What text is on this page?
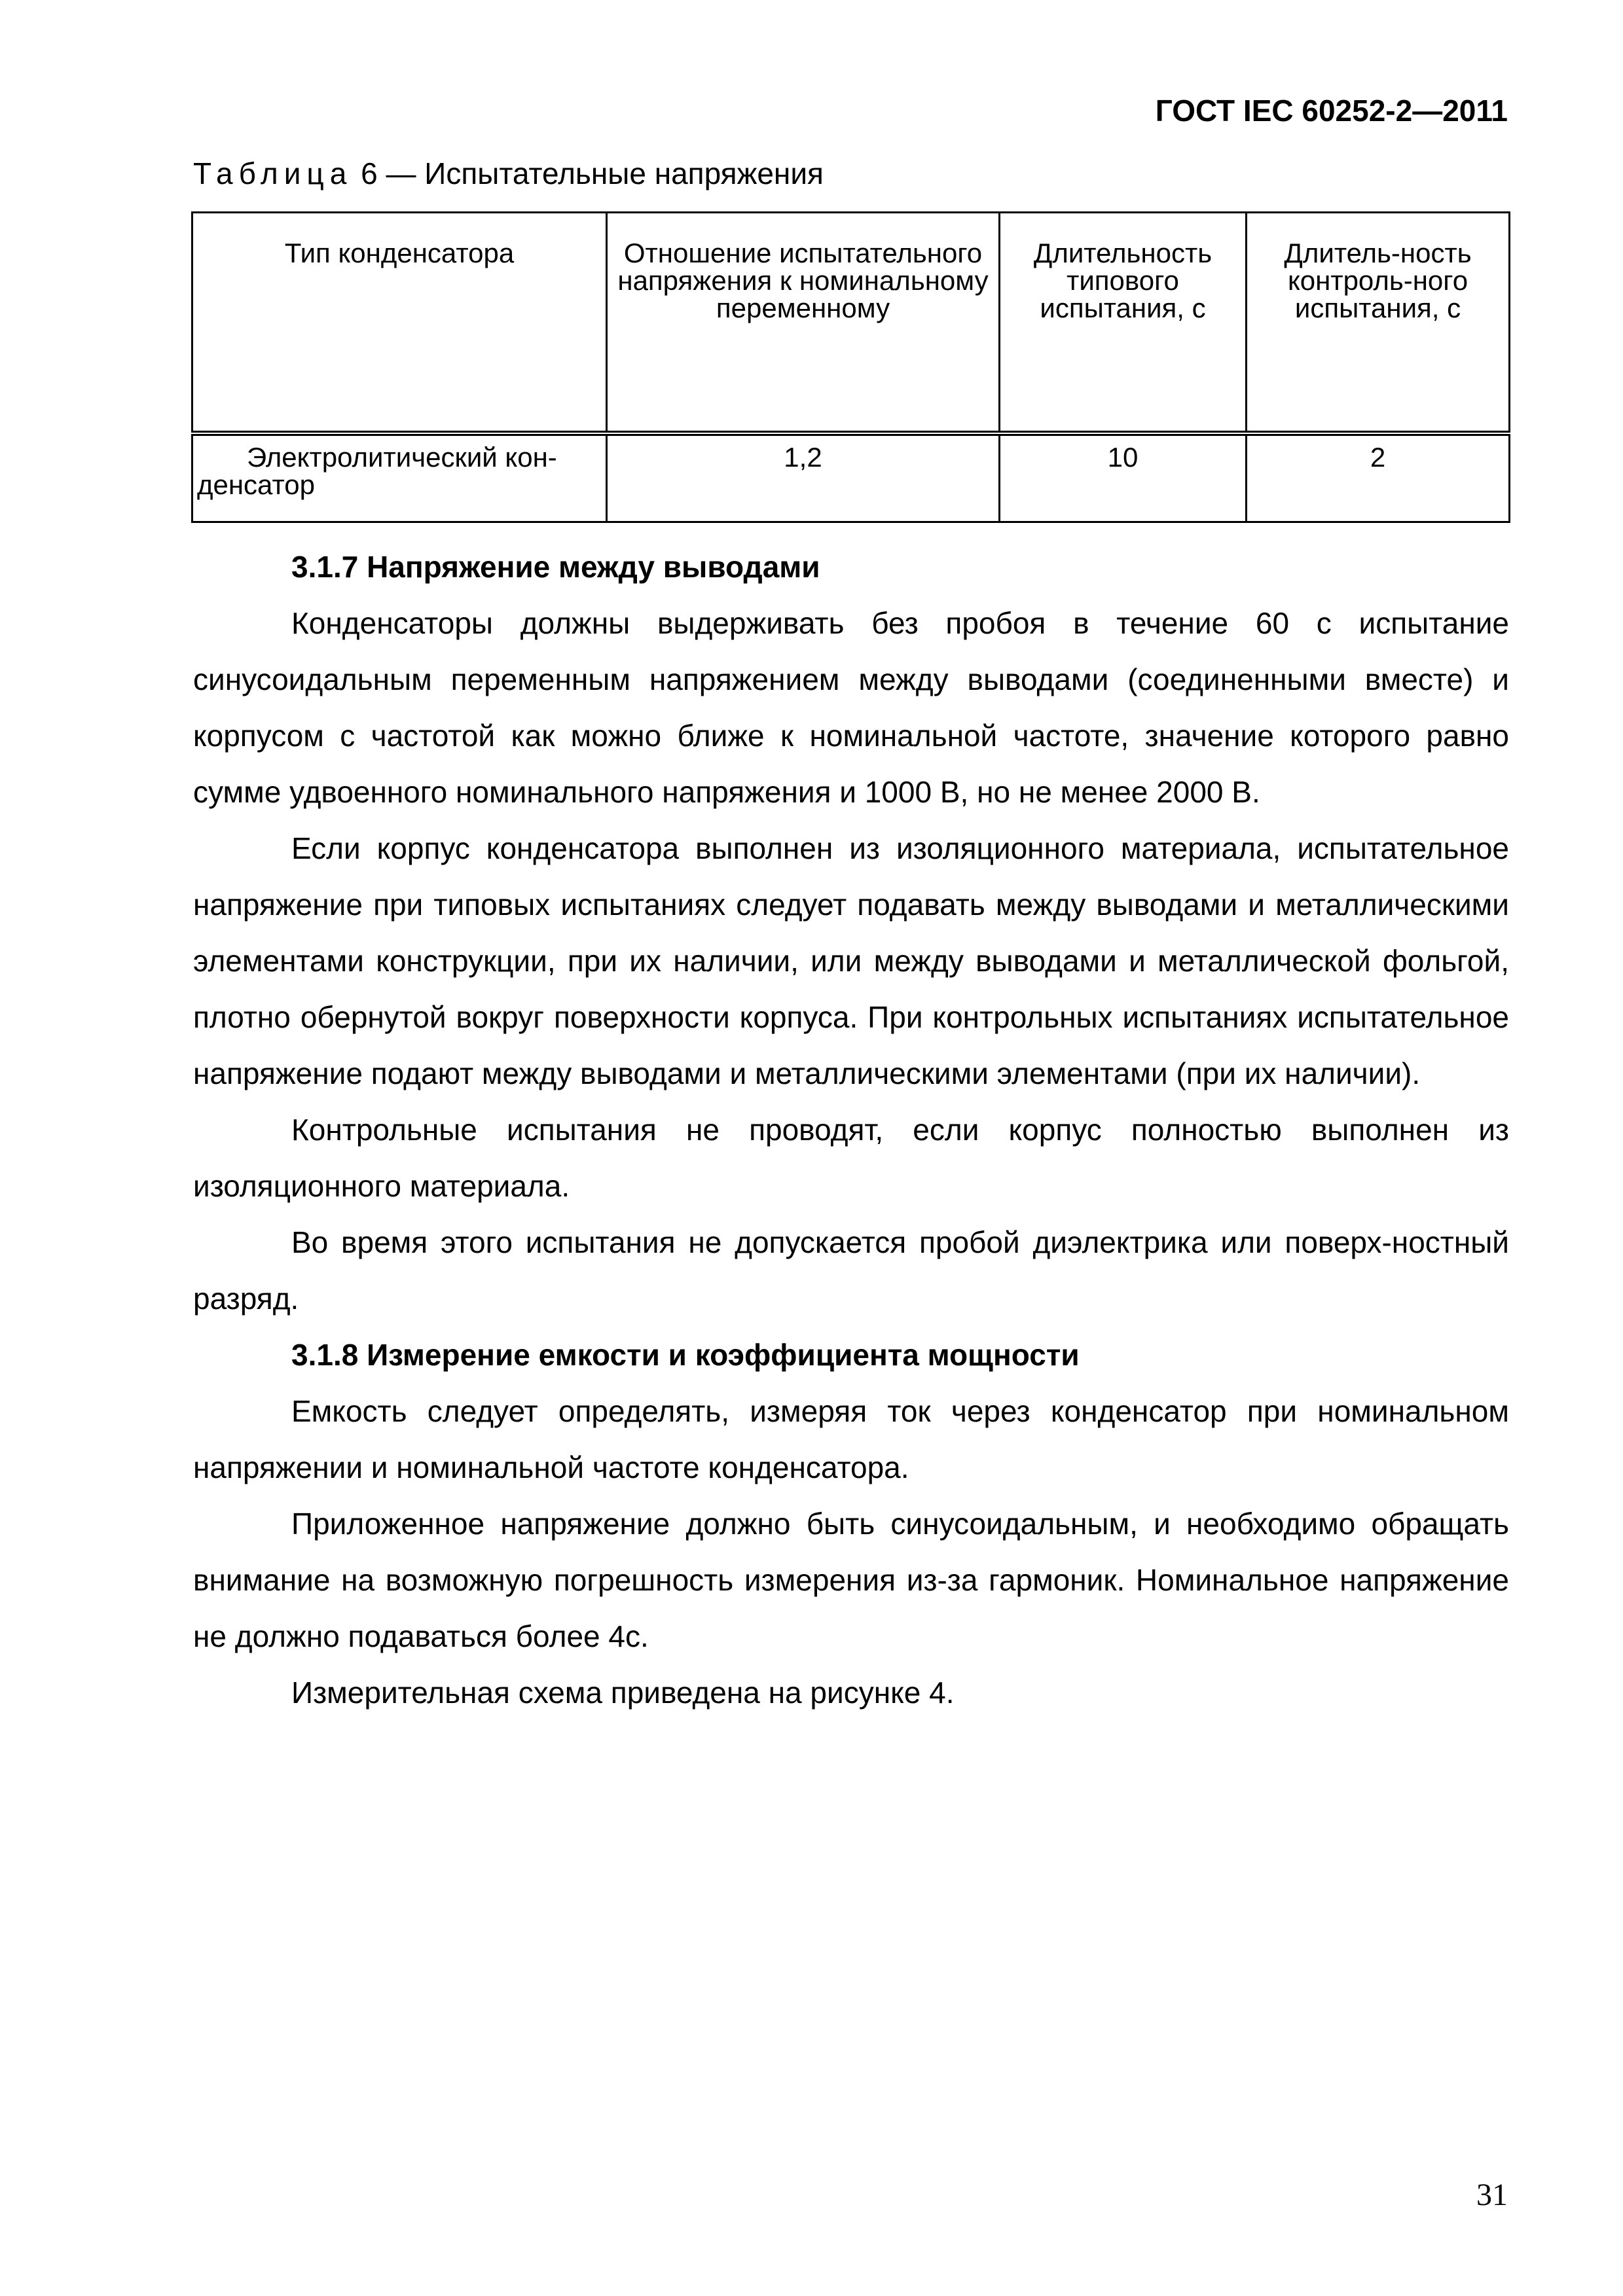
ГОСТ IEC 60252-2—2011
Таблица 6 — Испытательные напряжения
Тип конденсатора	Отношение испытательного напряжения к номинальному переменному	Длительность типового испытания, с	Длитель-ность контроль-ного испытания, с
Электролитический кон-денсатор	1,2	10	2
3.1.7 Напряжение между выводами

Конденсаторы должны выдерживать без пробоя в течение 60 с испытание синусоидальным переменным напряжением между выводами (соединенными вместе) и корпусом с частотой как можно ближе к номинальной частоте, значение которого равно сумме удвоенного номинального напряжения и 1000 В, но не менее 2000 В.

Если корпус конденсатора выполнен из изоляционного материала, испытательное напряжение при типовых испытаниях следует подавать между выводами и металлическими элементами конструкции, при их наличии, или между выводами и металлической фольгой, плотно обернутой вокруг поверхности корпуса. При контрольных испытаниях испытательное напряжение подают между выводами и металлическими элементами (при их наличии).

Контрольные испытания не проводят, если корпус полностью выполнен из изоляционного материала.

Во время этого испытания не допускается пробой диэлектрика или поверх-ностный разряд.

3.1.8 Измерение емкости и коэффициента мощности

Емкость следует определять, измеряя ток через конденсатор при номинальном напряжении и номинальной частоте конденсатора.

Приложенное напряжение должно быть синусоидальным, и необходимо обращать внимание на возможную погрешность измерения из-за гармоник. Номинальное напряжение не должно подаваться более 4с.

Измерительная схема приведена на рисунке 4.

31
